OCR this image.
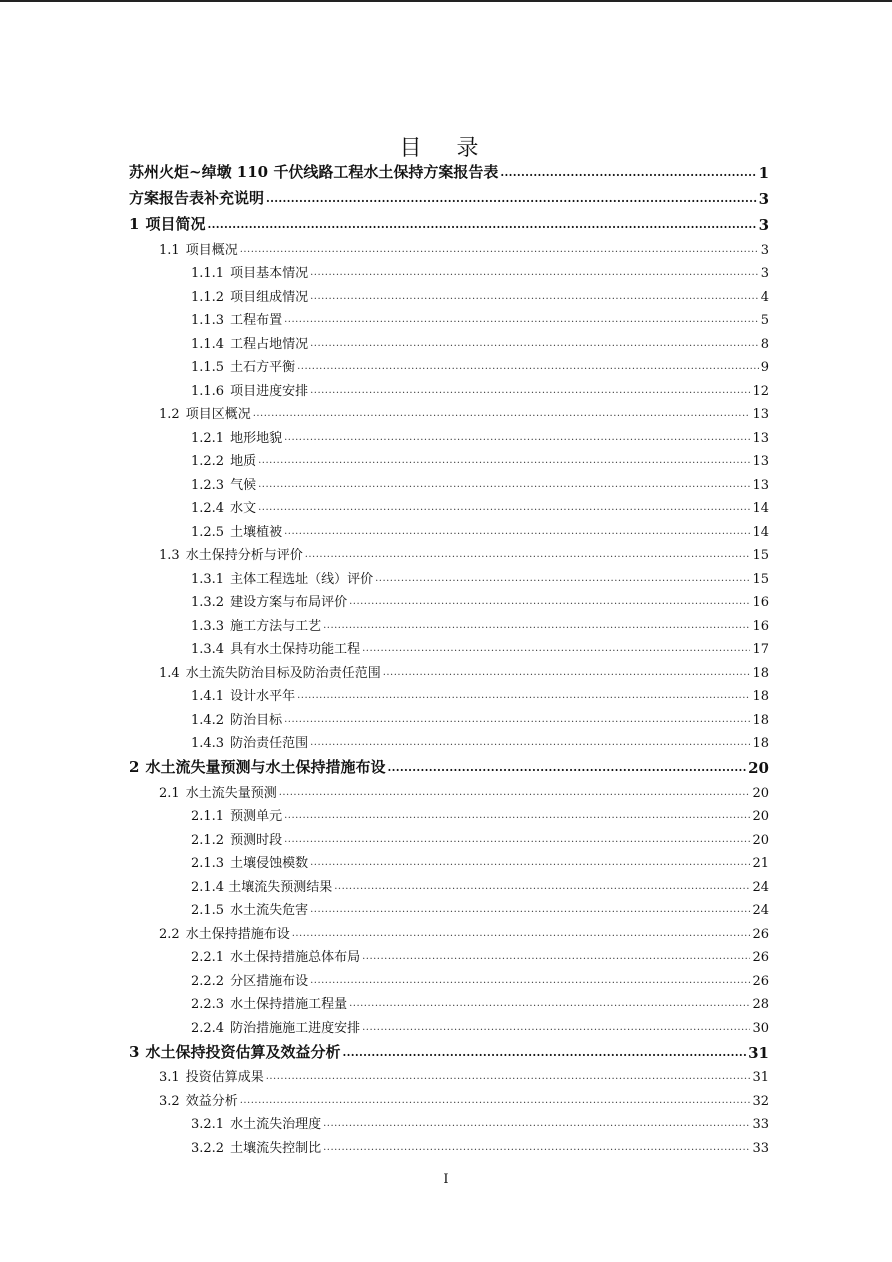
目 录
苏州火炬~绰墩 110 千伏线路工程水土保持方案报告表 .....	1
方案报告表补充说明 .....	3
1 项目简况 .....	3
1.1 项目概况 .....	3
1.1.1 项目基本情况 .....	3
1.1.2 项目组成情况 .....	4
1.1.3 工程布置 .....	5
1.1.4 工程占地情况 .....	8
1.1.5 土石方平衡 .....	9
1.1.6 项目进度安排 .....	12
1.2 项目区概况 .....	13
1.2.1 地形地貌 .....	13
1.2.2 地质 .....	13
1.2.3 气候 .....	13
1.2.4 水文 .....	14
1.2.5 土壤植被 .....	14
1.3 水土保持分析与评价 .....	15
1.3.1 主体工程选址（线）评价 .....	15
1.3.2 建设方案与布局评价 .....	16
1.3.3 施工方法与工艺 .....	16
1.3.4 具有水土保持功能工程 .....	17
1.4 水土流失防治目标及防治责任范围 .....	18
1.4.1 设计水平年 .....	18
1.4.2 防治目标 .....	18
1.4.3 防治责任范围 .....	18
2 水土流失量预测与水土保持措施布设 .....	20
2.1 水土流失量预测 .....	20
2.1.1 预测单元 .....	20
2.1.2 预测时段 .....	20
2.1.3 土壤侵蚀模数 .....	21
2.1.4 土壤流失预测结果 .....	24
2.1.5 水土流失危害 .....	24
2.2 水土保持措施布设 .....	26
2.2.1 水土保持措施总体布局 .....	26
2.2.2 分区措施布设 .....	26
2.2.3 水土保持措施工程量 .....	28
2.2.4 防治措施施工进度安排 .....	30
3 水土保持投资估算及效益分析 .....	31
3.1 投资估算成果 .....	31
3.2 效益分析 .....	32
3.2.1 水土流失治理度 .....	33
3.2.2 土壤流失控制比 .....	33
I
